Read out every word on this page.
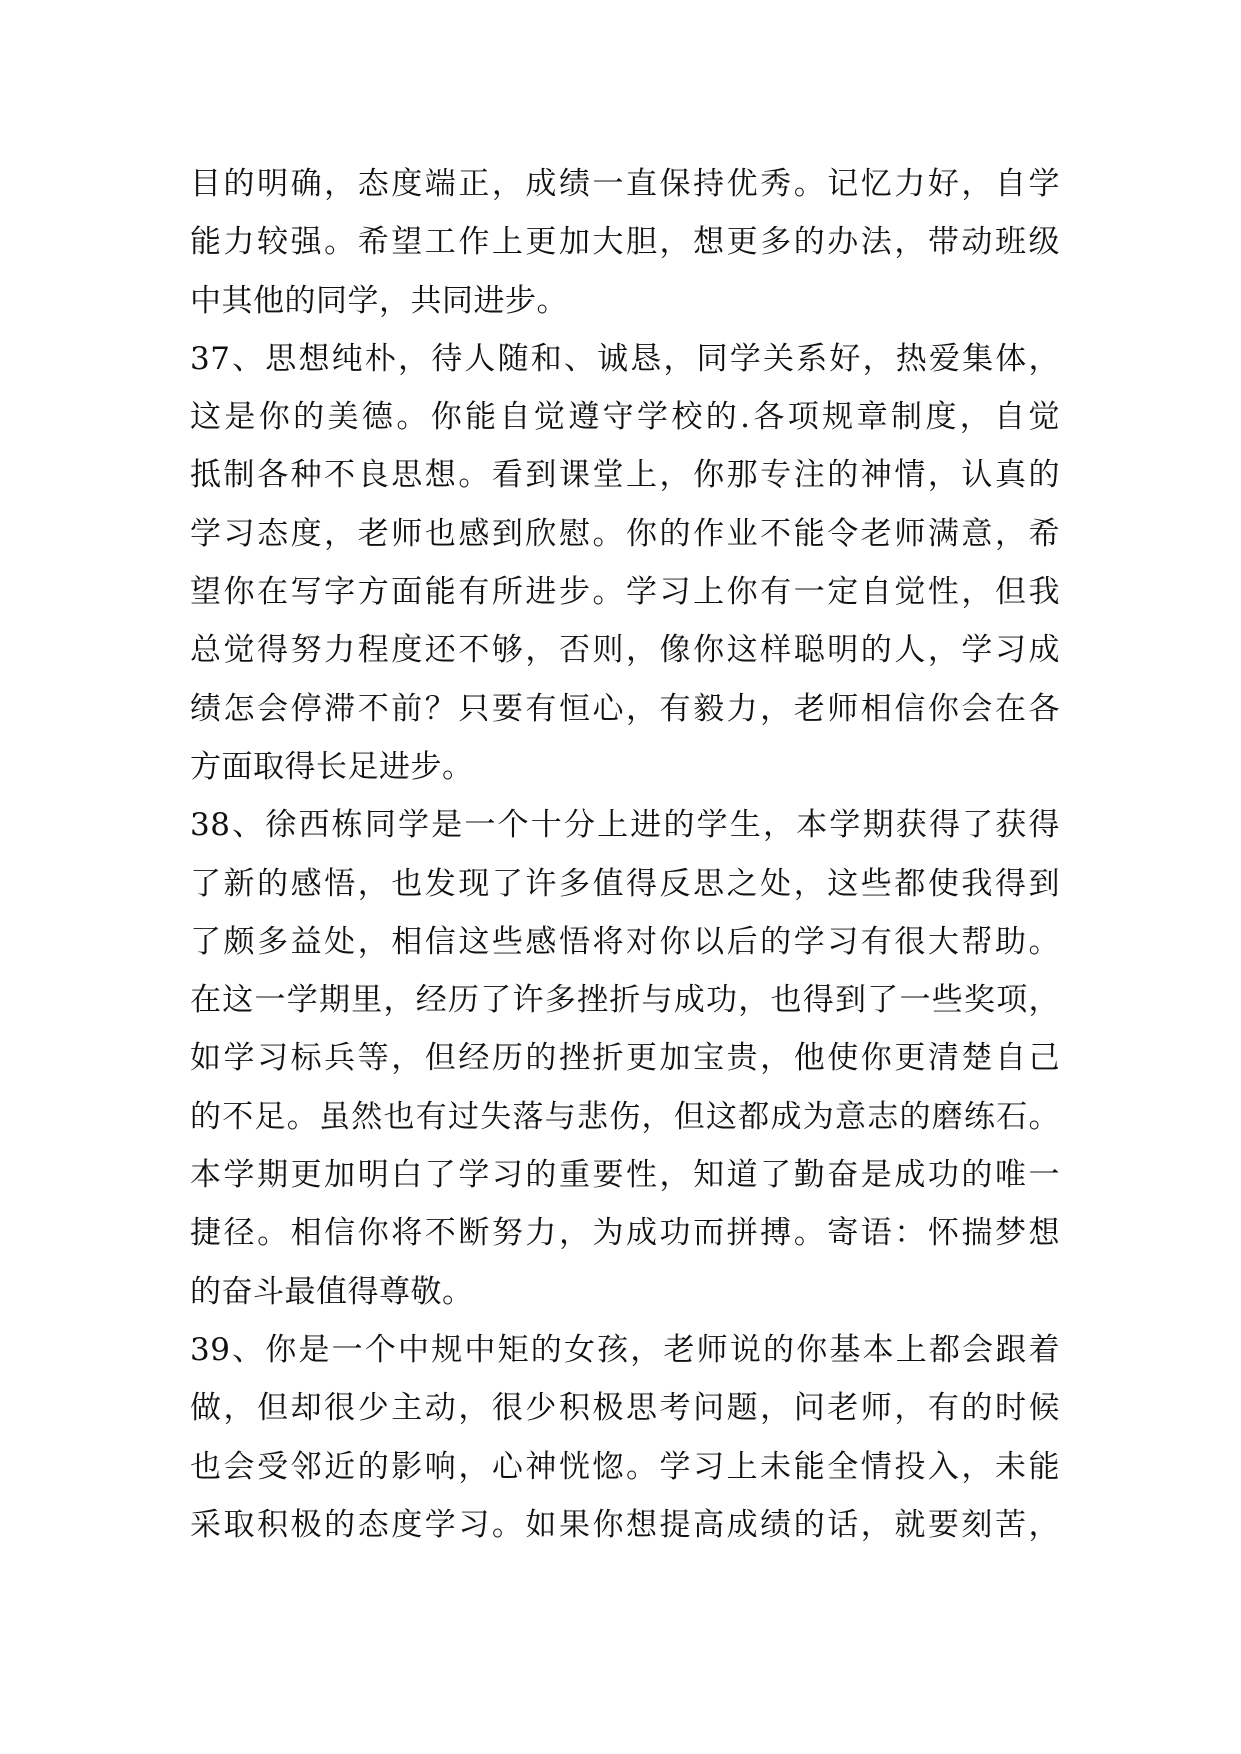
目的明确，态度端正，成绩一直保持优秀。记忆力好，自学
能力较强。希望工作上更加大胆，想更多的办法，带动班级
中其他的同学，共同进步。
37、思想纯朴，待人随和、诚恳，同学关系好，热爱集体，
这是你的美德。你能自觉遵守学校的.各项规章制度，自觉
抵制各种不良思想。看到课堂上，你那专注的神情，认真的
学习态度，老师也感到欣慰。你的作业不能令老师满意，希
望你在写字方面能有所进步。学习上你有一定自觉性，但我
总觉得努力程度还不够，否则，像你这样聪明的人，学习成
绩怎会停滞不前？只要有恒心，有毅力，老师相信你会在各
方面取得长足进步。
38、徐西栋同学是一个十分上进的学生，本学期获得了获得
了新的感悟，也发现了许多值得反思之处，这些都使我得到
了颇多益处，相信这些感悟将对你以后的学习有很大帮助。
在这一学期里，经历了许多挫折与成功，也得到了一些奖项，
如学习标兵等，但经历的挫折更加宝贵，他使你更清楚自己
的不足。虽然也有过失落与悲伤，但这都成为意志的磨练石。
本学期更加明白了学习的重要性，知道了勤奋是成功的唯一
捷径。相信你将不断努力，为成功而拼搏。寄语：怀揣梦想
的奋斗最值得尊敬。
39、你是一个中规中矩的女孩，老师说的你基本上都会跟着
做，但却很少主动，很少积极思考问题，问老师，有的时候
也会受邻近的影响，心神恍惚。学习上未能全情投入，未能
采取积极的态度学习。如果你想提高成绩的话，就要刻苦，
